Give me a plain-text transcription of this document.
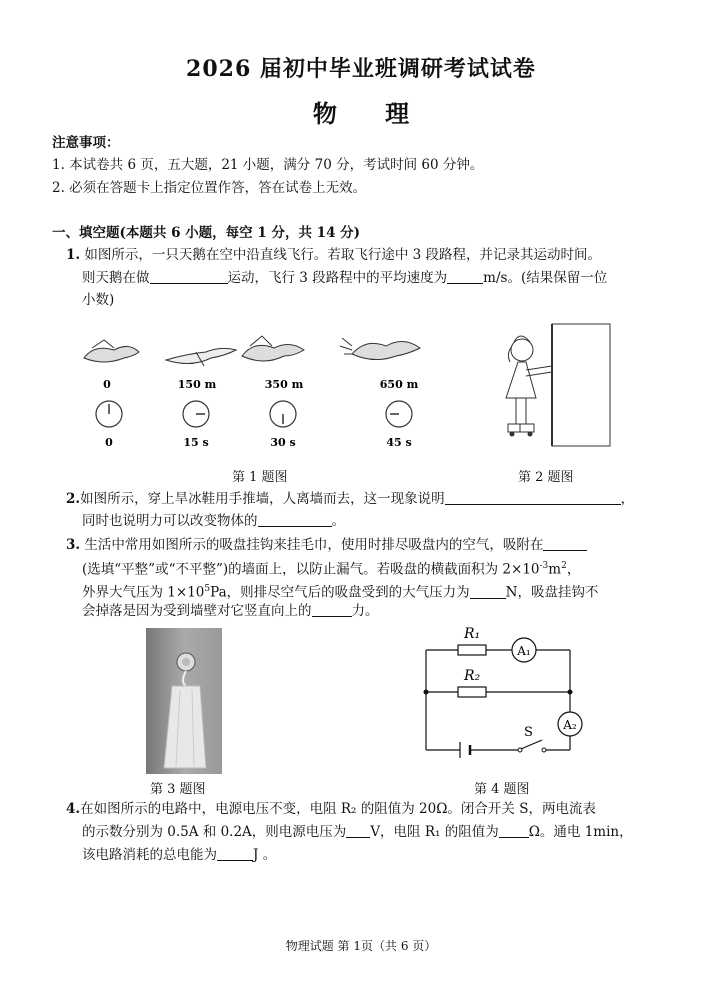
2026 届初中毕业班调研考试试卷
物 理
注意事项：
1. 本试卷共 6 页，五大题，21 小题，满分 70 分，考试时间 60 分钟。
2. 必须在答题卡上指定位置作答，答在试卷上无效。
一、填空题(本题共 6 小题，每空 1 分，共 14 分)
1. 如图所示，一只天鹅在空中沿直线飞行。若取飞行途中 3 段路程，并记录其运动时间。
则天鹅在做	运动，飞行 3 段路程中的平均速度为	m/s。(结果保留一位
小数)
0	150 m	350 m	650 m
0	15 s	30 s	45 s
第 1 题图	第 2 题图
2.如图所示，穿上旱冰鞋用手推墙，人离墙而去，这一现象说明	，
同时也说明力可以改变物体的	。
3. 生活中常用如图所示的吸盘挂钩来挂毛巾，使用时排尽吸盘内的空气，吸附在
(选填“平整”或“不平整”)的墙面上，以防止漏气。若吸盘的横截面积为 $2\times 10^{-3}m^2$，
外界大气压为 $1\times 10^5Pa$，则排尽空气后的吸盘受到的大气压力为	N，吸盘挂钩不
会掉落是因为受到墙壁对它竖直向上的	力。
R₁
R₂
A₁
A₂
S
第 3 题图	第 4 题图
4.在如图所示的电路中，电源电压不变，电阻 R₂ 的阻值为 20Ω。闭合开关 S，两电流表
的示数分别为 0.5A 和 0.2A，则电源电压为 V，电阻 R₁ 的阻值为 Ω。通电 1min，
该电路消耗的总电能为	J 。
物理试题 第 1页（共 6 页）
